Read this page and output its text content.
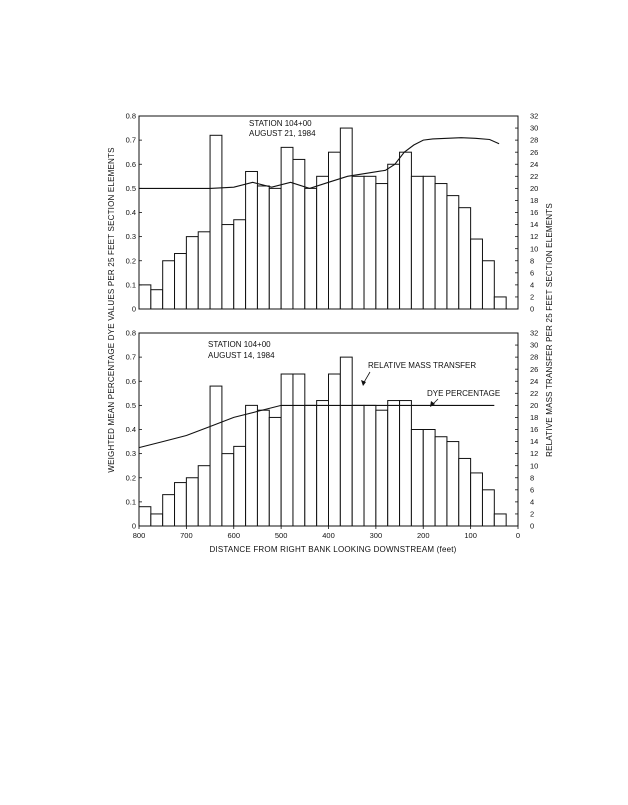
0
0.1
0.2
0.3
0.4
0.5
0.6
0.7
0.8
0
2
4
6
8
10
12
14
16
18
20
22
24
26
28
30
32
STATION 104+00
AUGUST 21, 1984
0
0.1
0.2
0.3
0.4
0.5
0.6
0.7
0.8
0
2
4
6
8
10
12
14
16
18
20
22
24
26
28
30
32
STATION 104+00
AUGUST 14, 1984
RELATIVE MASS TRANSFER
DYE PERCENTAGE
800	700	600	500	400	300	200	100	0
DISTANCE FROM RIGHT BANK LOOKING DOWNSTREAM (feet)
WEIGHTED MEAN PERCENTAGE DYE VALUES PER 25 FEET SECTION ELEMENTS	RELATIVE MASS TRANSFER PER 25 FEET SECTION ELEMENTS
